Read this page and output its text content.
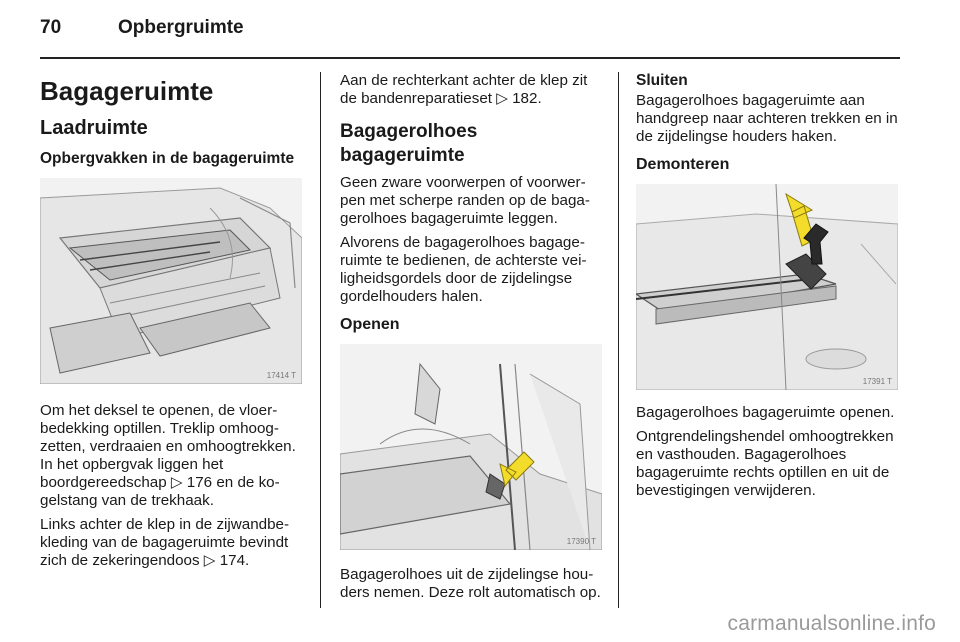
70	Opbergruimte
Bagageruimte
Laadruimte
Opbergvakken in de bagageruimte
17414 T

Om het deksel te openen, de vloerbedekking optillen. Treklip omhoogzetten, verdraaien en omhoogtrekken. In het opbergvak liggen het boordgereedschap ▷ 176 en de kogelstang van de trekhaak.

Links achter de klep in de zijwandbekleding van de bagageruimte bevindt zich de zekeringendoos ▷ 174.

Aan de rechterkant achter de klep zit de bandenreparatieset ▷ 182.

Bagagerolhoes bagageruimte

Geen zware voorwerpen of voorwerpen met scherpe randen op de bagagerolhoes bagageruimte leggen.

Alvorens de bagagerolhoes bagageruimte te bedienen, de achterste veiligheidsgordels door de zijdelingse gordelhouders halen.

Openen
17390 T

Bagagerolhoes uit de zijdelingse houders nemen. Deze rolt automatisch op.

Sluiten

Bagagerolhoes bagageruimte aan handgreep naar achteren trekken en in de zijdelingse houders haken.

Demonteren
17391 T

Bagagerolhoes bagageruimte openen.

Ontgrendelingshendel omhoogtrekken en vasthouden. Bagagerolhoes bagageruimte rechts optillen en uit de bevestigingen verwijderen.

carmanualsonline.info
